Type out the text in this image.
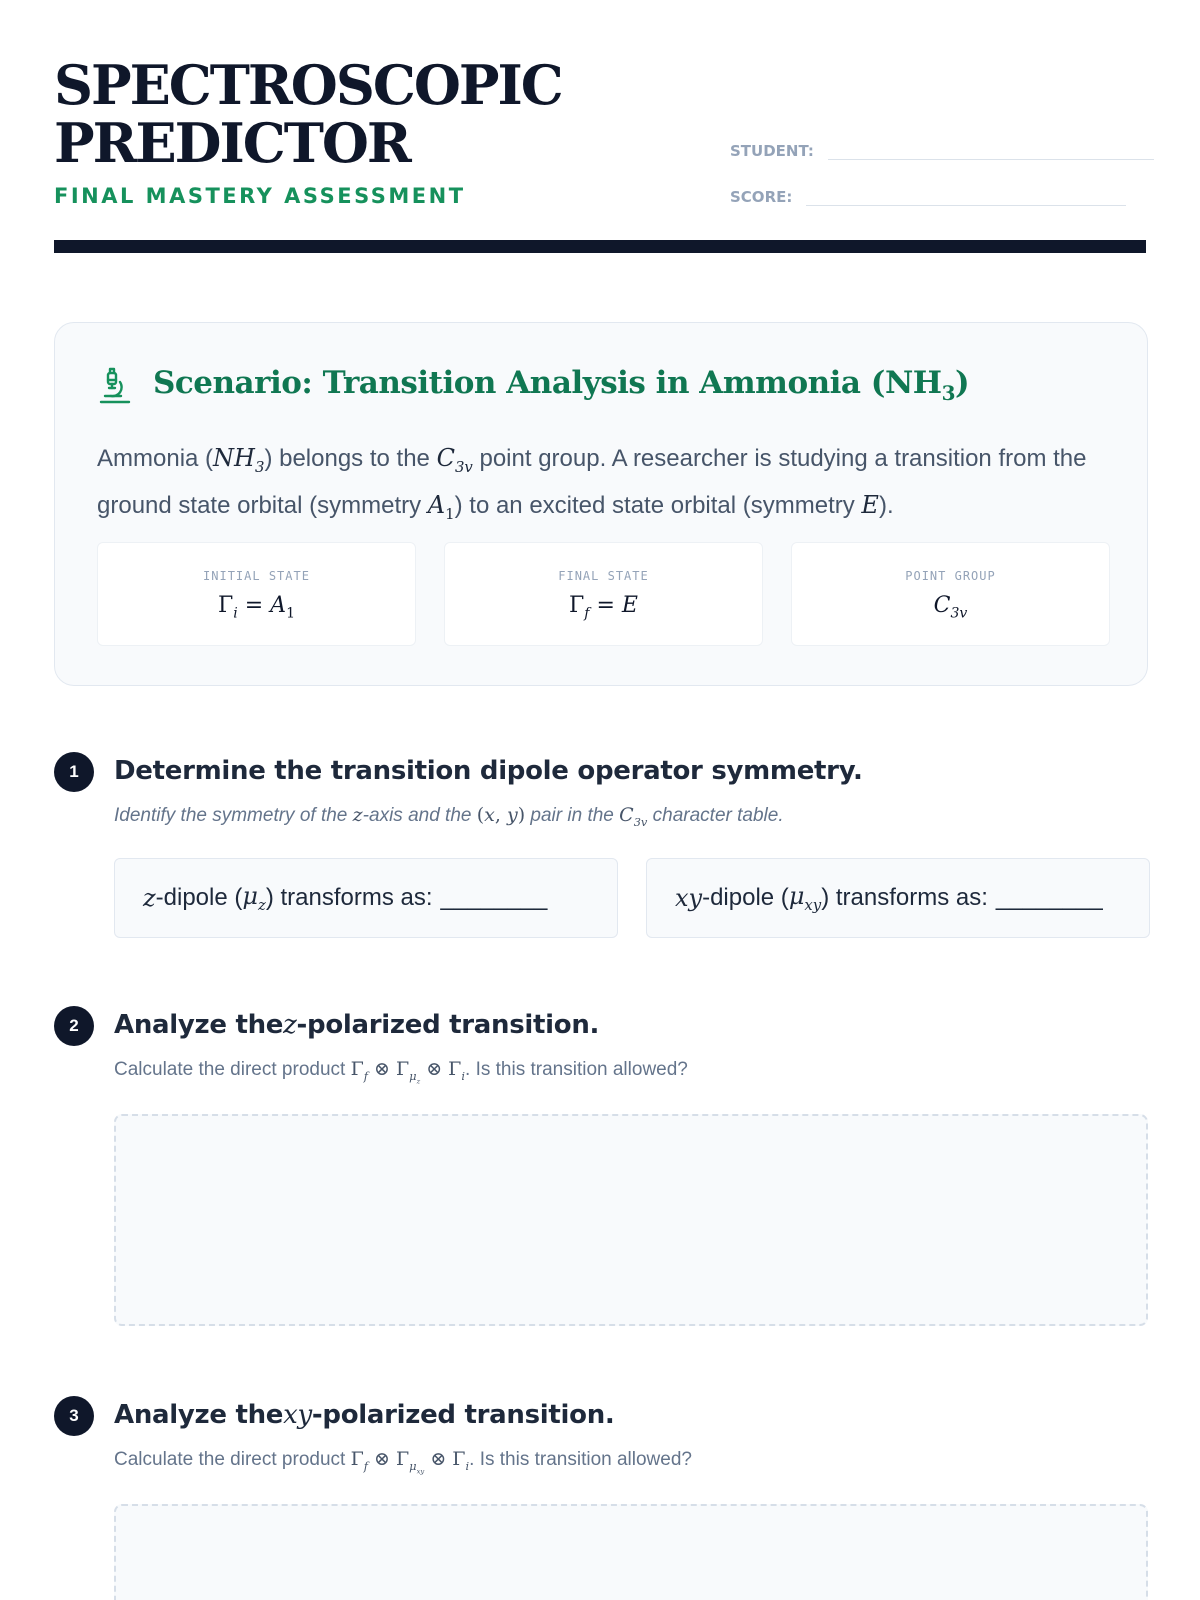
SPECTROSCOPIC
PREDICTOR
FINAL MASTERY ASSESSMENT
STUDENT:
SCORE:
Scenario: Transition Analysis in Ammonia $(NH_3)$

Ammonia $(NH_3)$ belongs to the $C_{3v}$ point group. A researcher is studying a transition from the ground state orbital (symmetry $A_1$) to an excited state orbital (symmetry E).

INITIAL STATE
$\Gamma_i = A_1$
FINAL STATE
$\Gamma_f = E$
POINT GROUP
$C_{3v}$
1	Determine the transition dipole operator symmetry.
Identify the symmetry of the z-axis and the (x, y) pair in the $C_{3v}$ character table.
z -dipole ( $\mu_z$ ) transforms as: ________	xy -dipole ( $\mu_{xy}$ ) transforms as: ________
2	Analyze thez-polarized transition.
Calculate the direct product $\Gamma_f$ ⊗ $\Gamma_{\mu_z}$ ⊗ $\Gamma_i$. Is this transition allowed?
3	Analyze thexy-polarized transition.
Calculate the direct product $\Gamma_f$ ⊗ $\Gamma_{\mu_{xy}}$ ⊗ $\Gamma_i$. Is this transition allowed?
